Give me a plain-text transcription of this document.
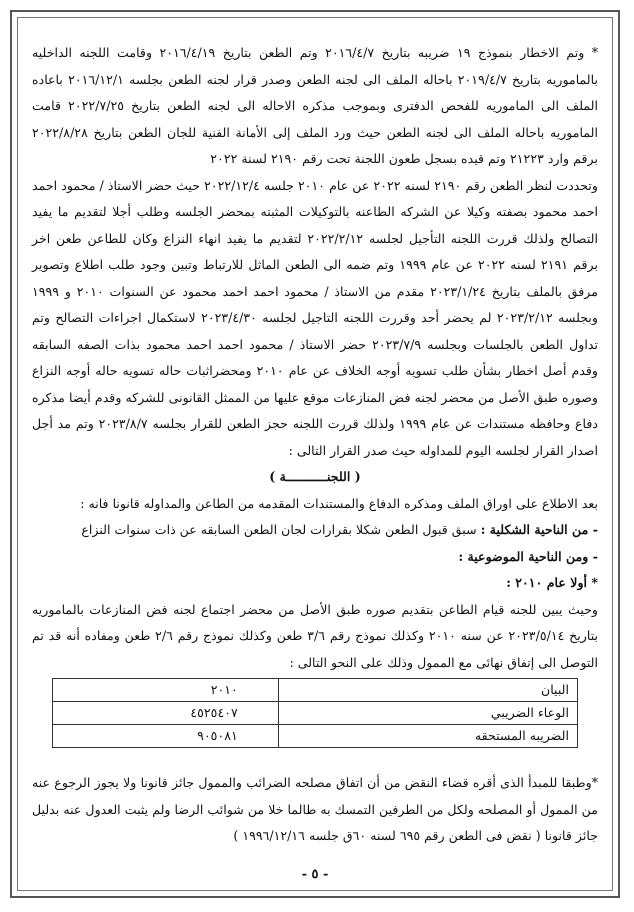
* وتم الاخطار بنموذج ١٩ ضريبه بتاريخ ٢٠١٦/٤/٧ وتم الطعن بتاريخ ٢٠١٦/٤/١٩ وقامت اللجنه الداخليه بالماموريه بتاريخ ٢٠١٩/٤/٧ باحاله الملف الى لجنه الطعن وصدر قرار لجنه الطعن بجلسه ٢٠١٦/١٢/١ باعاده الملف الى الماموريه للفحص الدفترى وبموجب مذكره الاحاله الى لجنه الطعن بتاريخ ٢٠٢٢/٧/٢٥ قامت الماموريه باحاله الملف الى لجنه الطعن حيث ورد الملف إلى الأمانة الفنية للجان الطعن بتاريخ ٢٠٢٢/٨/٢٨ برقم وارد ٢١٢٢٣ وتم قيده بسجل طعون اللجنة تحت رقم ٢١٩٠ لسنة ٢٠٢٢

وتحددت لنظر الطعن رقم ٢١٩٠ لسنه ٢٠٢٢ عن عام ٢٠١٠ جلسه ٢٠٢٢/١٢/٤ حيث حضر الاستاذ / محمود احمد احمد محمود بصفته وكيلا عن الشركه الطاعنه بالتوكيلات المثبته بمحضر الجلسه وطلب أجلا لتقديم ما يفيد التصالح ولذلك قررت اللجنه التأجيل لجلسه ٢٠٢٢/٢/١٢ لتقديم ما يفيد انهاء النزاع وكان للطاعن طعن اخر برقم ٢١٩١ لسنه ٢٠٢٢ عن عام ١٩٩٩ وتم ضمه الى الطعن الماثل للارتباط وتبين وجود طلب اطلاع وتصوير مرفق بالملف بتاريخ ٢٠٢٣/١/٢٤ مقدم من الاستاذ / محمود احمد احمد محمود عن السنوات ٢٠١٠ و ١٩٩٩ وبجلسه ٢٠٢٣/٢/١٢ لم يحضر أحد وقررت اللجنه التاجيل لجلسه ٢٠٢٣/٤/٣٠ لاستكمال اجراءات التصالح وتم تداول الطعن بالجلسات وبجلسه ٢٠٢٣/٧/٩ حضر الاستاذ / محمود احمد احمد محمود بذات الصفه السابقه وقدم أصل اخطار بشأن طلب تسويه أوجه الخلاف عن عام ٢٠١٠ ومحضراثبات حاله تسويه حاله أوجه النزاع وصوره طبق الأصل من محضر لجنه فض المنازعات موقع عليها من الممثل القانونى للشركه وقدم أيضا مذكره دفاع وحافظه مستندات عن عام ١٩٩٩ ولذلك قررت اللجنه حجز الطعن للقرار بجلسه ٢٠٢٣/٨/٧ وتم مد أجل اصدار القرار لجلسه اليوم للمداوله حيث صدر القرار التالى :

( اللجنـــــــــــة )

بعد الاطلاع على اوراق الملف ومذكره الدفاع والمستندات المقدمه من الطاعن والمداوله قانونا فانه :

- من الناحية الشكلية : سبق قبول الطعن شكلا بقرارات لجان الطعن السابقه عن ذات سنوات النزاع

- ومن الناحية الموضوعية :

* أولا عام ٢٠١٠ :

وحيث يبين للجنه قيام الطاعن بتقديم صوره طبق الأصل من محضر اجتماع لجنه فض المنازعات بالماموريه بتاريخ ٢٠٢٣/٥/١٤ عن سنه ٢٠١٠ وكذلك نموذج رقم ٣/٦ طعن وكذلك نموذج رقم ٢/٦ طعن ومفاده أنه قد تم التوصل الى إتفاق نهائى مع الممول وذلك على النحو التالى :

البيان	٢٠١٠
الوعاء الضريبي	٤٥٢٥٤٠٧
الضريبه المستحقه	٩٠٥٠٨١

*وطبقا للمبدأ الذى أقره قضاء النقض من أن اتفاق مصلحه الضرائب والممول جائز قانونا ولا يجوز الرجوع عنه من الممول أو المصلحه ولكل من الطرفين التمسك به طالما خلا من شوائب الرضا ولم يثبت العدول عنه بدليل جائز قانونا ( نقض فى الطعن رقم ٦٩٥ لسنه ٦٠ق جلسه ١٩٩٦/١٢/١٦ )

- ٥ -
